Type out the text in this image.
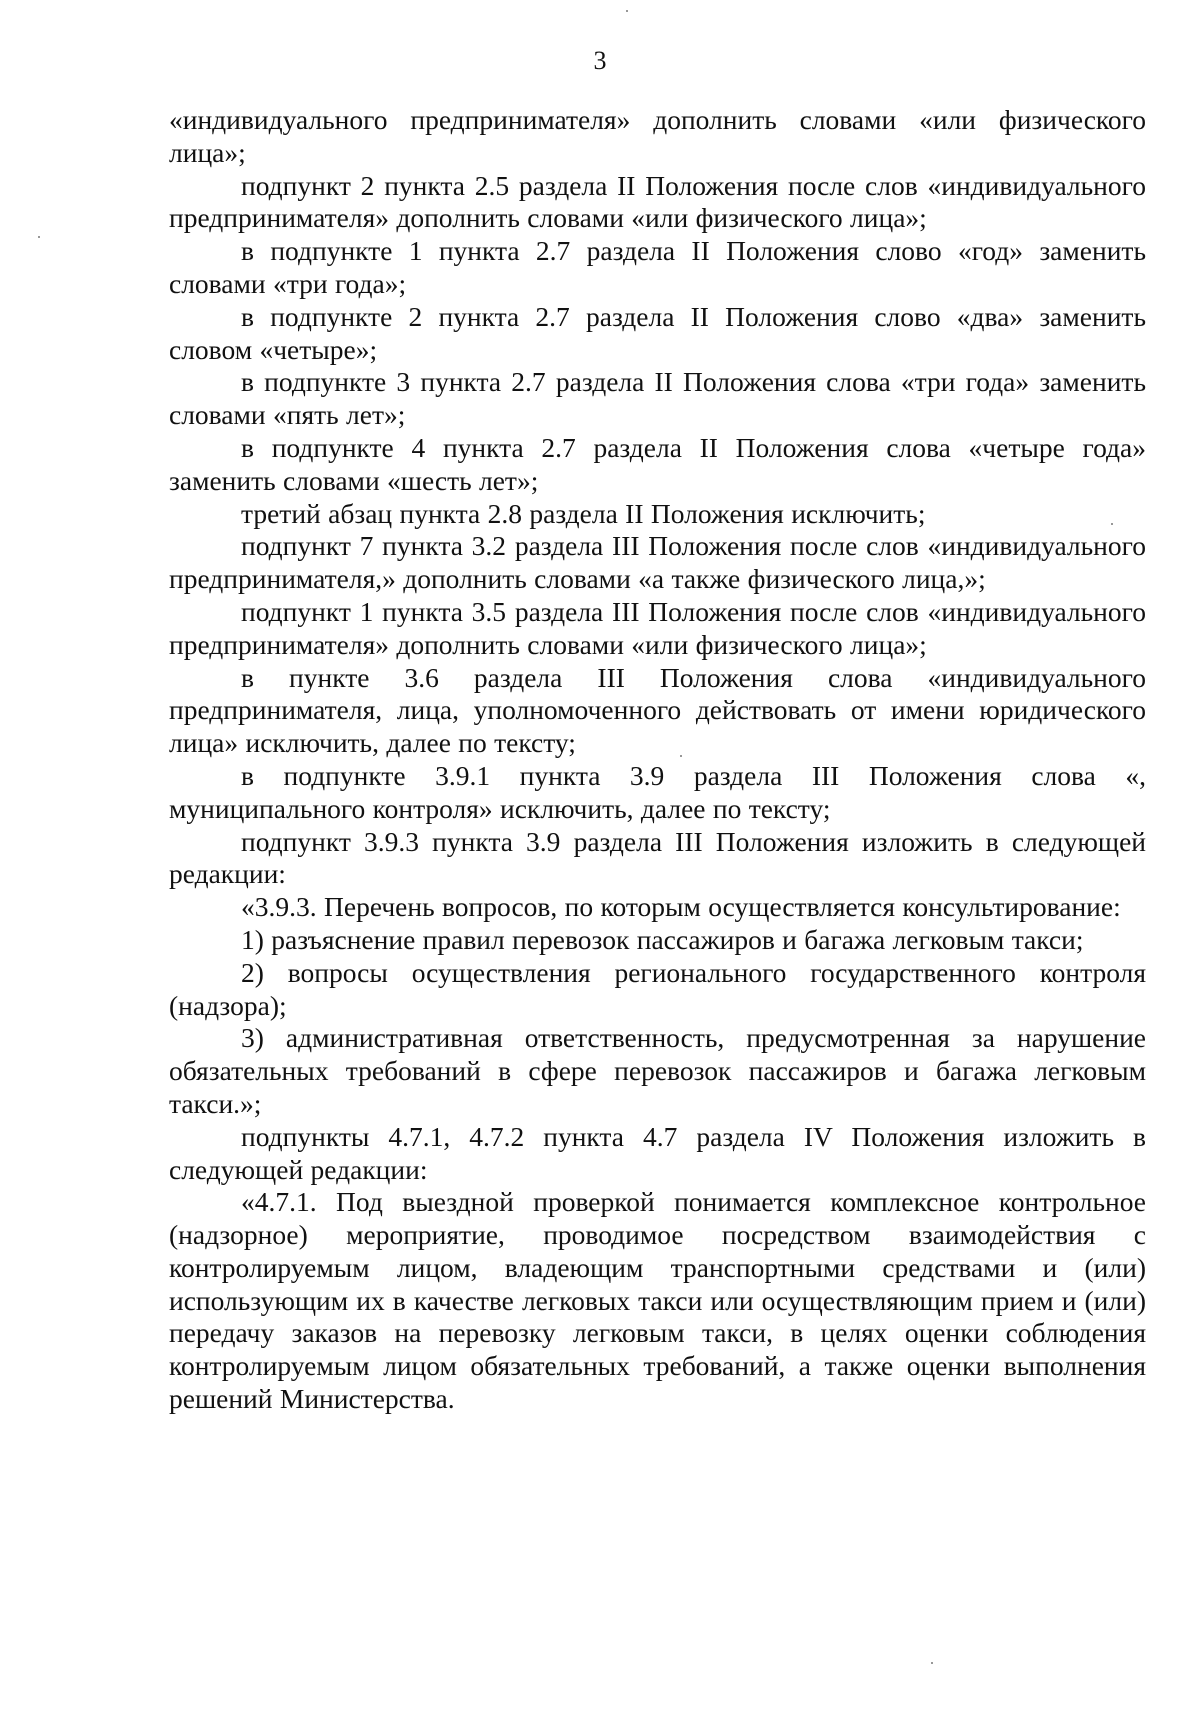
3

«индивидуального предпринимателя» дополнить словами «или физического лица»;

подпункт 2 пункта 2.5 раздела II Положения после слов «индивидуального предпринимателя» дополнить словами «или физического лица»;

в подпункте 1 пункта 2.7 раздела II Положения слово «год» заменить словами «три года»;

в подпункте 2 пункта 2.7 раздела II Положения слово «два» заменить словом «четыре»;

в подпункте 3 пункта 2.7 раздела II Положения слова «три года» заменить словами «пять лет»;

в подпункте 4 пункта 2.7 раздела II Положения слова «четыре года» заменить словами «шесть лет»;

третий абзац пункта 2.8 раздела II Положения исключить;

подпункт 7 пункта 3.2 раздела III Положения после слов «индивидуального предпринимателя,» дополнить словами «а также физического лица,»;

подпункт 1 пункта 3.5 раздела III Положения после слов «индивидуального предпринимателя» дополнить словами «или физического лица»;

в пункте 3.6 раздела III Положения слова «индивидуального предпринимателя, лица, уполномоченного действовать от имени юридического лица» исключить, далее по тексту;

в подпункте 3.9.1 пункта 3.9 раздела III Положения слова «, муниципального контроля» исключить, далее по тексту;

подпункт 3.9.3 пункта 3.9 раздела III Положения изложить в следующей редакции:

«3.9.3. Перечень вопросов, по которым осуществляется консультирование:

1) разъяснение правил перевозок пассажиров и багажа легковым такси;

2) вопросы осуществления регионального государственного контроля (надзора);

3) административная ответственность, предусмотренная за нарушение обязательных требований в сфере перевозок пассажиров и багажа легковым такси.»;

подпункты 4.7.1, 4.7.2 пункта 4.7 раздела IV Положения изложить в следующей редакции:

«4.7.1. Под выездной проверкой понимается комплексное контрольное (надзорное) мероприятие, проводимое посредством взаимодействия с контролируемым лицом, владеющим транспортными средствами и (или) использующим их в качестве легковых такси или осуществляющим прием и (или) передачу заказов на перевозку легковым такси, в целях оценки соблюдения контролируемым лицом обязательных требований, а также оценки выполнения решений Министерства.
